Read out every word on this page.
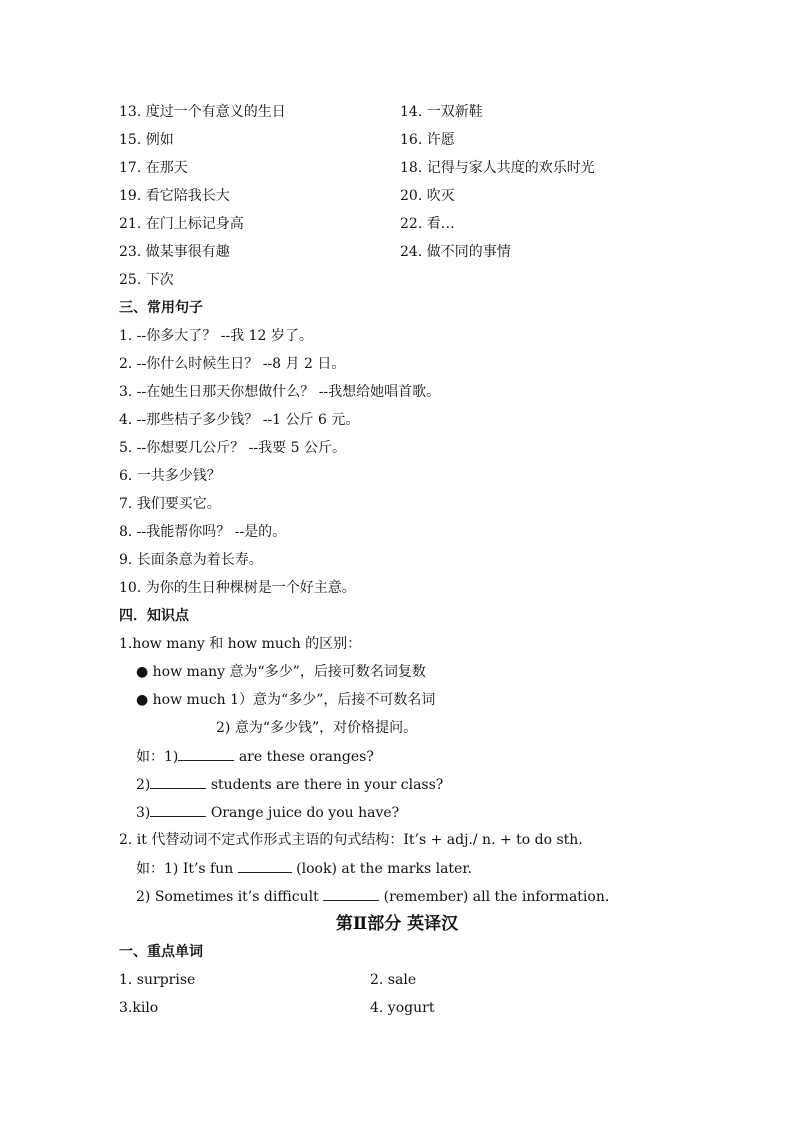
13. 度过一个有意义的生日	14. 一双新鞋
15. 例如	16. 许愿
17. 在那天	18. 记得与家人共度的欢乐时光
19. 看它陪我长大	20. 吹灭
21. 在门上标记身高	22. 看…
23. 做某事很有趣	24. 做不同的事情
25. 下次
三、常用句子
1. --你多大了？ --我 12 岁了。
2. --你什么时候生日？ --8 月 2 日。
3. --在她生日那天你想做什么？ --我想给她唱首歌。
4. --那些桔子多少钱？ --1 公斤 6 元。
5. --你想要几公斤？ --我要 5 公斤。
6. 一共多少钱？
7. 我们要买它。
8. --我能帮你吗？ --是的。
9. 长面条意为着长寿。
10. 为你的生日种棵树是一个好主意。
四．知识点
1.how many 和 how much 的区别：
● how many 意为“多少”，后接可数名词复数
● how much 1）意为“多少”，后接不可数名词
2) 意为“多少钱”，对价格提问。
如：1)	are these oranges?
2)	students are there in your class?
3)	Orange juice do you have?
2. it 代替动词不定式作形式主语的句式结构：It’s + adj./ n. + to do sth.
如：1) It’s fun	(look) at the marks later.
2) Sometimes it’s difficult	(remember) all the information.
第Ⅱ部分 英译汉
一、重点单词
1. surprise	2. sale
3.kilo	4. yogurt
